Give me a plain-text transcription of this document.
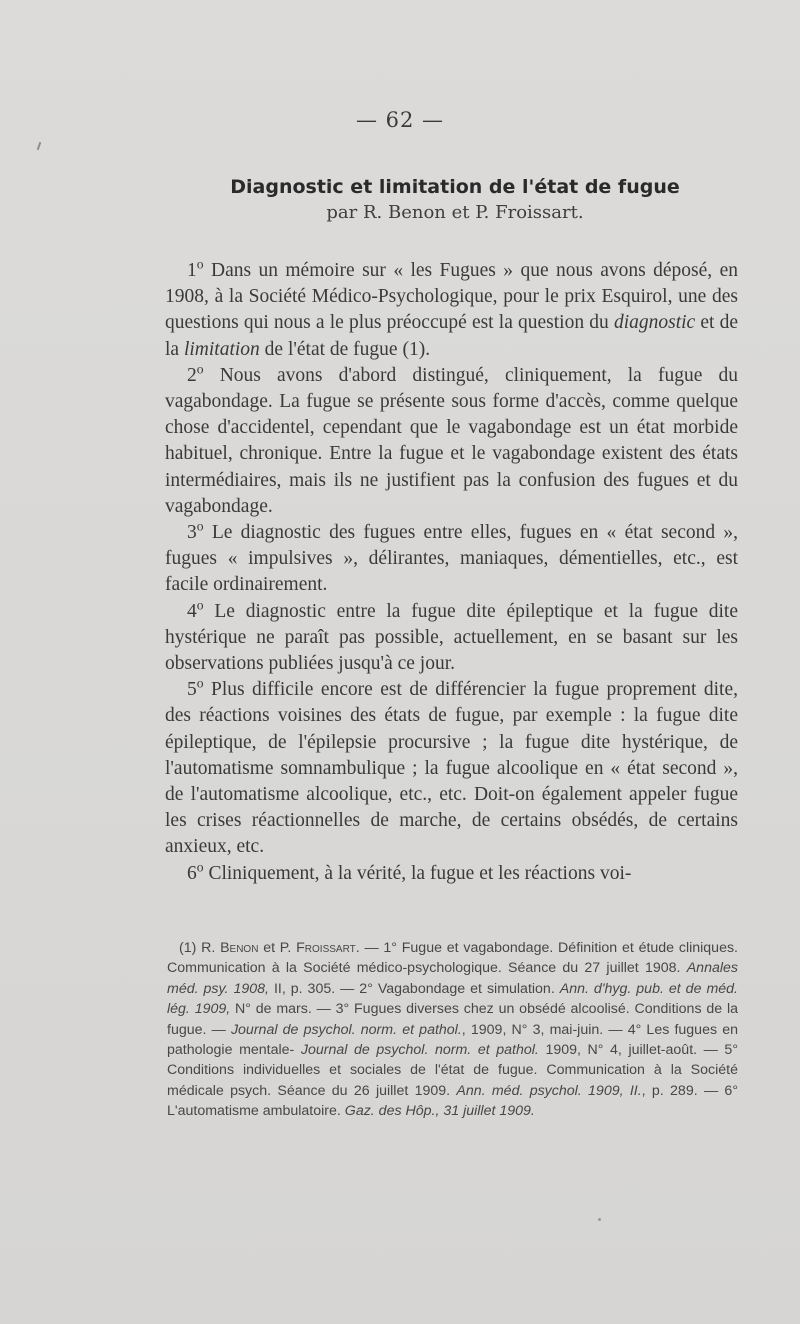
— 62 —
Diagnostic et limitation de l'état de fugue
par R. Benon et P. Froissart.

1$^o$ Dans un mémoire sur « les Fugues » que nous avons déposé, en 1908, à la Société Médico-Psychologique, pour le prix Esquirol, une des questions qui nous a le plus préoccupé est la question du diagnostic et de la limitation de l'état de fugue (1).

2$^o$ Nous avons d'abord distingué, cliniquement, la fugue du vagabondage. La fugue se présente sous forme d'accès, comme quelque chose d'accidentel, cependant que le vagabondage est un état morbide habituel, chronique. Entre la fugue et le vagabondage existent des états intermédiaires, mais ils ne justifient pas la confusion des fugues et du vagabondage.

3$^o$ Le diagnostic des fugues entre elles, fugues en « état second », fugues « impulsives », délirantes, maniaques, démentielles, etc., est facile ordinairement.

4$^o$ Le diagnostic entre la fugue dite épileptique et la fugue dite hystérique ne paraît pas possible, actuellement, en se basant sur les observations publiées jusqu'à ce jour.

5$^o$ Plus difficile encore est de différencier la fugue proprement dite, des réactions voisines des états de fugue, par exemple : la fugue dite épileptique, de l'épilepsie procursive ; la fugue dite hystérique, de l'automatisme somnambulique ; la fugue alcoolique en « état second », de l'automatisme alcoolique, etc., etc. Doit-on également appeler fugue les crises réactionnelles de marche, de certains obsédés, de certains anxieux, etc.

6$^o$ Cliniquement, à la vérité, la fugue et les réactions voi-

(1) R. Benon et P. Froissart. — 1° Fugue et vagabondage. Définition et étude cliniques. Communication à la Société médico-psychologique. Séance du 27 juillet 1908. Annales méd. psy. 1908, II, p. 305. — 2° Vagabondage et simulation. Ann. d'hyg. pub. et de méd. lég. 1909, N° de mars. — 3° Fugues diverses chez un obsédé alcoolisé. Conditions de la fugue. — Journal de psychol. norm. et pathol., 1909, N° 3, mai-juin. — 4° Les fugues en pathologie mentale- Journal de psychol. norm. et pathol. 1909, N° 4, juillet-août. — 5° Conditions individuelles et sociales de l'état de fugue. Communication à la Société médicale psych. Séance du 26 juillet 1909. Ann. méd. psychol. 1909, II., p. 289. — 6° L'automatisme ambulatoire. Gaz. des Hôp., 31 juillet 1909.
